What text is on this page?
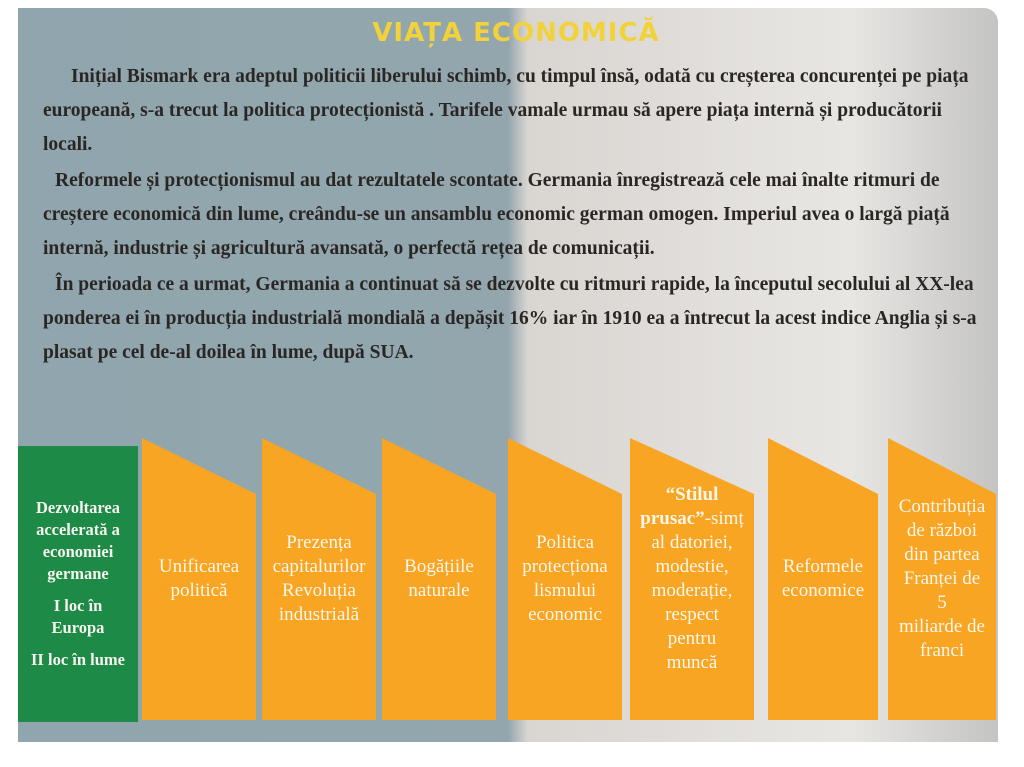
VIAȚA ECONOMICĂ

Inițial Bismark era adeptul politicii liberului schimb, cu timpul însă, odată cu creșterea concurenței pe piața europeană, s-a trecut la politica protecționistă . Tarifele vamale urmau să apere piața internă și producătorii locali.

Reformele și protecționismul au dat rezultatele scontate. Germania înregistrează cele mai înalte ritmuri de creștere economică din lume, creându-se un ansamblu economic german omogen. Imperiul avea o largă piață internă, industrie și agricultură avansată, o perfectă rețea de comunicații.

În perioada ce a urmat, Germania a continuat să se dezvolte cu ritmuri rapide, la începutul secolului al XX-lea ponderea ei în producția industrială mondială a depășit 16% iar în 1910 ea a întrecut la acest indice Anglia și s-a plasat pe cel de-al doilea în lume, după SUA.

Dezvoltarea
accelerată a
economiei
germane
I loc în
Europa
II loc în lume
Unificarea
politică
Prezența
capitalurilor
Revoluția
industrială
Bogățiile
naturale
Politica
protecționa
lismului
economic
“Stilul
prusac”-simț
al datoriei,
modestie,
moderație,
respect pentru
muncă
Reformele
economice
Contribuția
de război
din partea
Franței de 5
miliarde de
franci
